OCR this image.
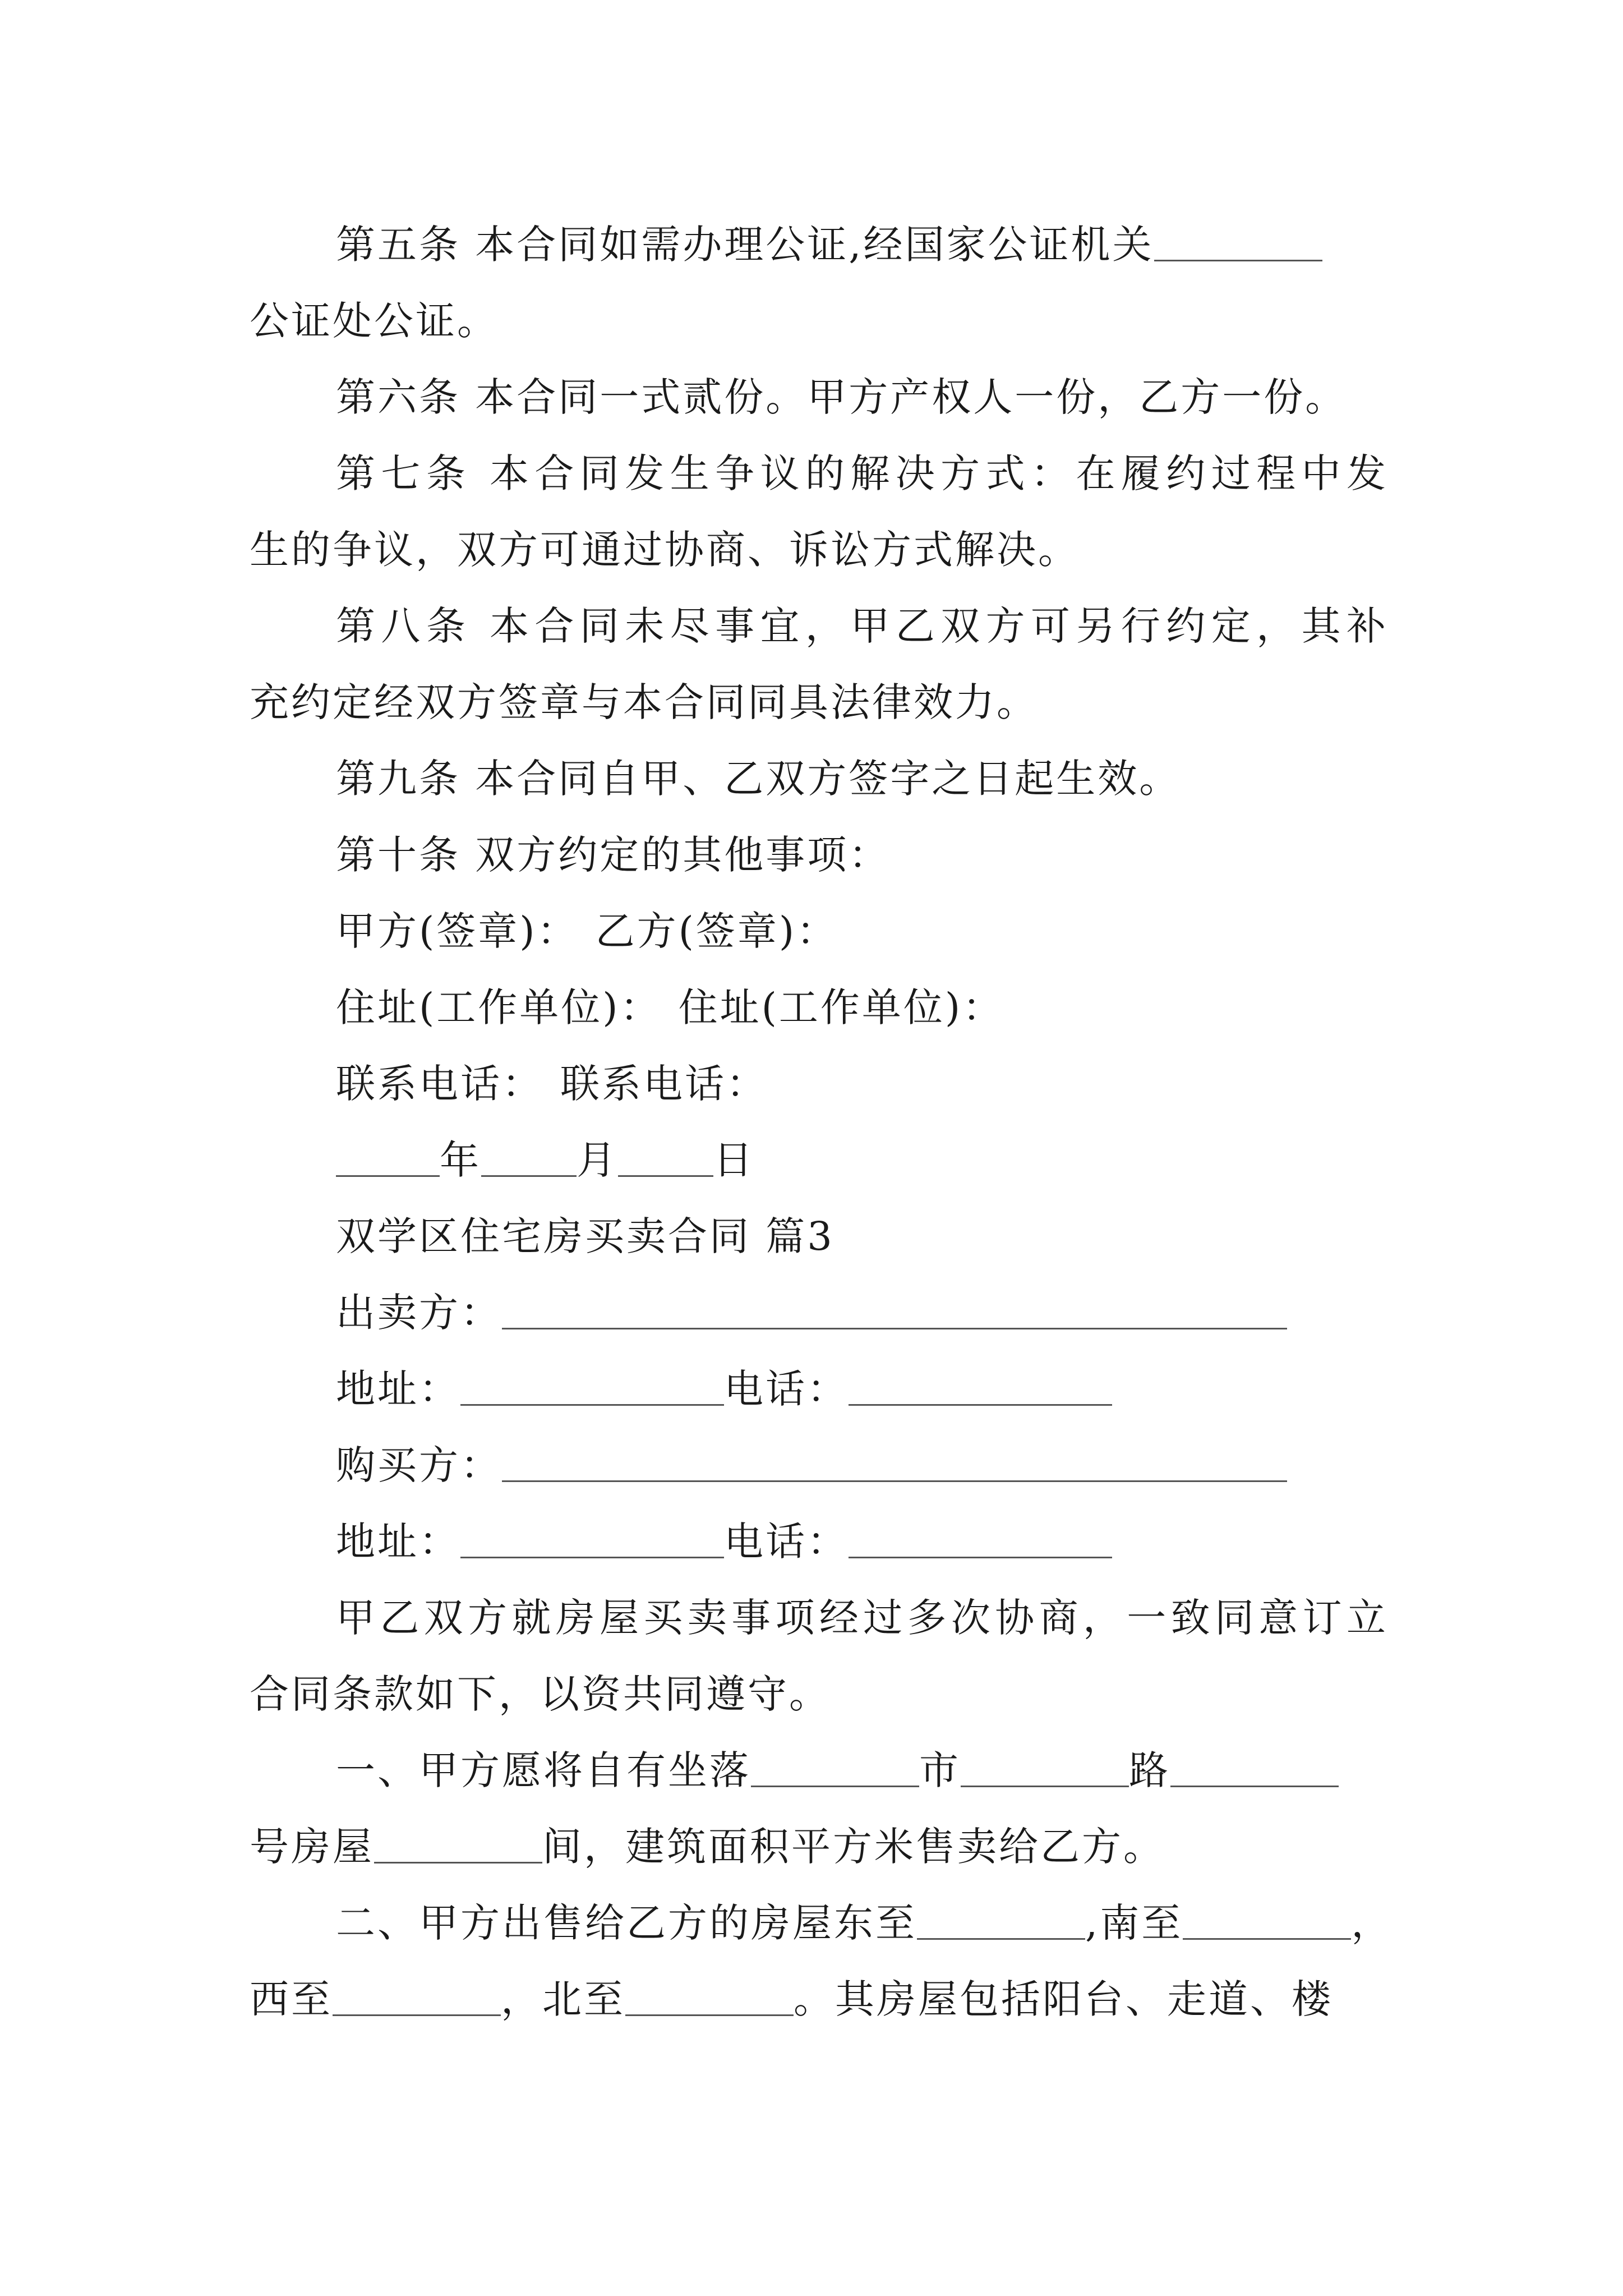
第五条 本合同如需办理公证,经国家公证机关
公证处公证。
第六条 本合同一式贰份。甲方产权人一份，乙方一份。
第七条 本合同发生争议的解决方式：在履约过程中发
生的争议，双方可通过协商、诉讼方式解决。
第八条 本合同未尽事宜，甲乙双方可另行约定，其补
充约定经双方签章与本合同同具法律效力。
第九条 本合同自甲、乙双方签字之日起生效。
第十条 双方约定的其他事项：
甲方(签章)： 乙方(签章)：
住址(工作单位)： 住址(工作单位)：
联系电话： 联系电话：
年 月 日
双学区住宅房买卖合同 篇3
出卖方：
地址：	电话：
购买方：
地址：	电话：
甲乙双方就房屋买卖事项经过多次协商，一致同意订立
合同条款如下，以资共同遵守。
一、甲方愿将自有坐落	市	路
号房屋	间，建筑面积平方米售卖给乙方。
二、甲方出售给乙方的房屋东至	,南至	，
西至	，北至	。其房屋包括阳台、走道、楼
